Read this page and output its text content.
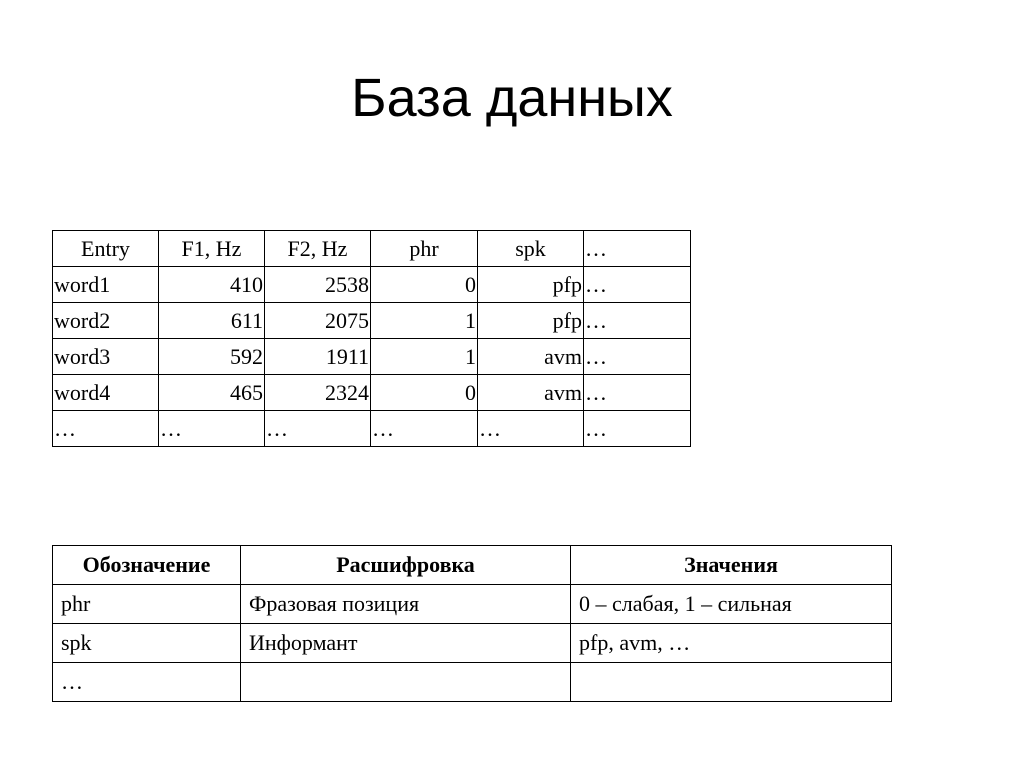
База данных
Entry	F1, Hz	F2, Hz	phr	spk	…
word1	410	2538	0	pfp	…
word2	611	2075	1	pfp	…
word3	592	1911	1	avm	…
word4	465	2324	0	avm	…
…	…	…	…	…	…
Обозначение	Расшифровка	Значения
phr	Фразовая позиция	0 – слабая, 1 – сильная
spk	Информант	pfp, avm, …
…		
